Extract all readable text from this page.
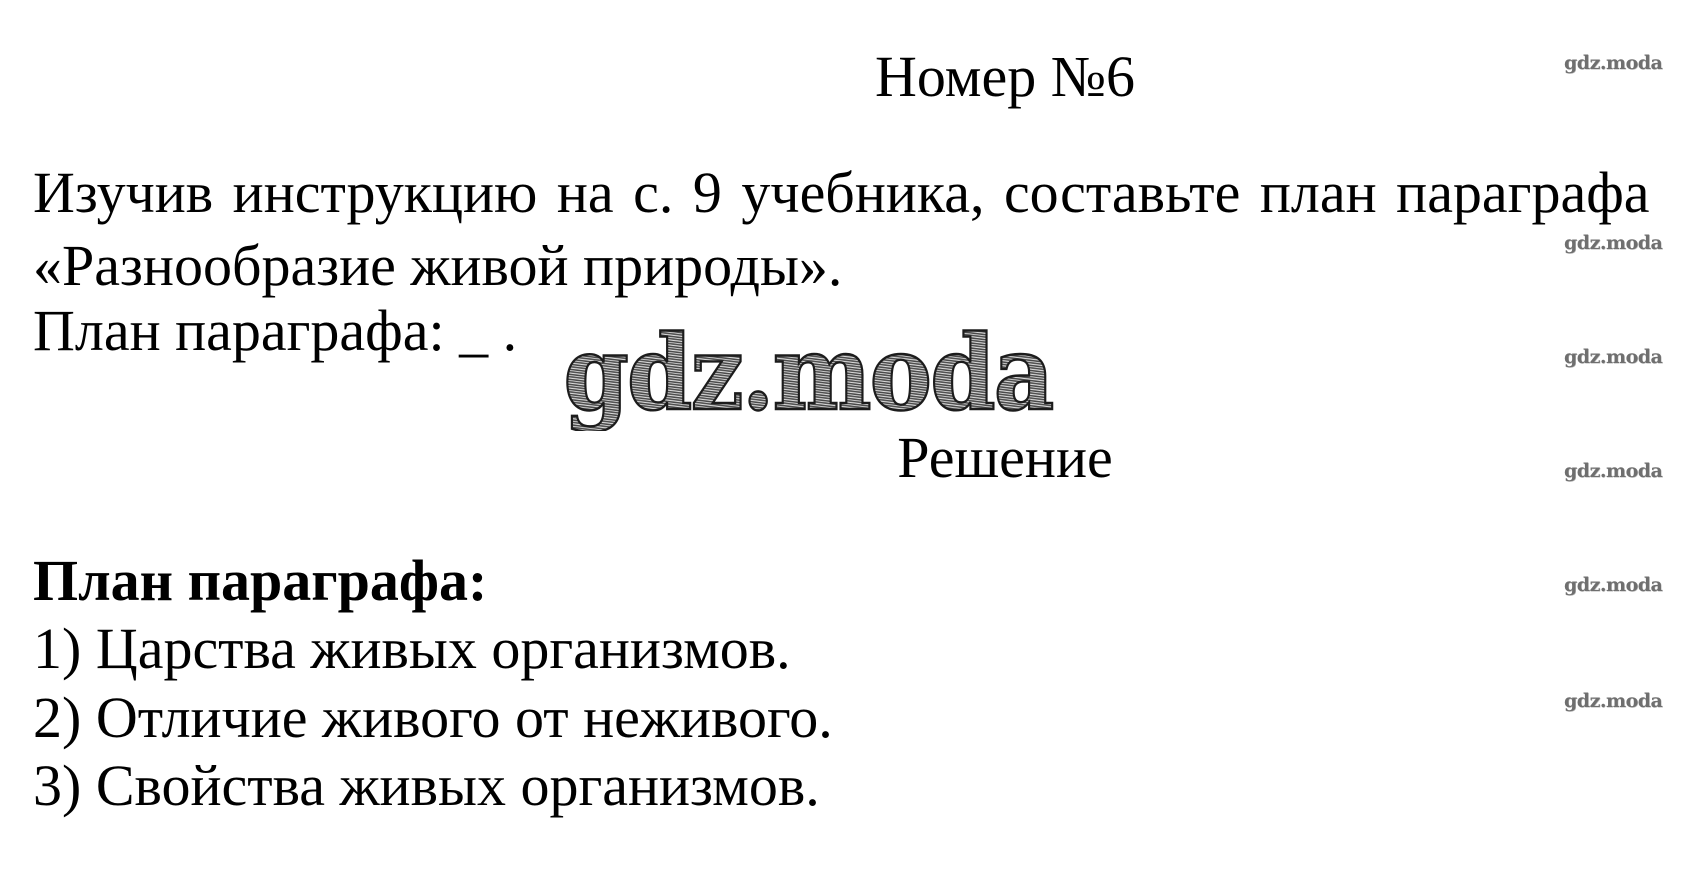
Номер №6
Изучив инструкцию на с. 9 учебника, составьте план параграфа
«Разнообразие живой природы».
План параграфа: _ . gdz.moda
Решение
План параграфа:
1) Царства живых организмов.
2) Отличие живого от неживого.
3) Свойства живых организмов.
gdz.moda
gdz.moda
gdz.moda
gdz.moda
gdz.moda
gdz.moda
